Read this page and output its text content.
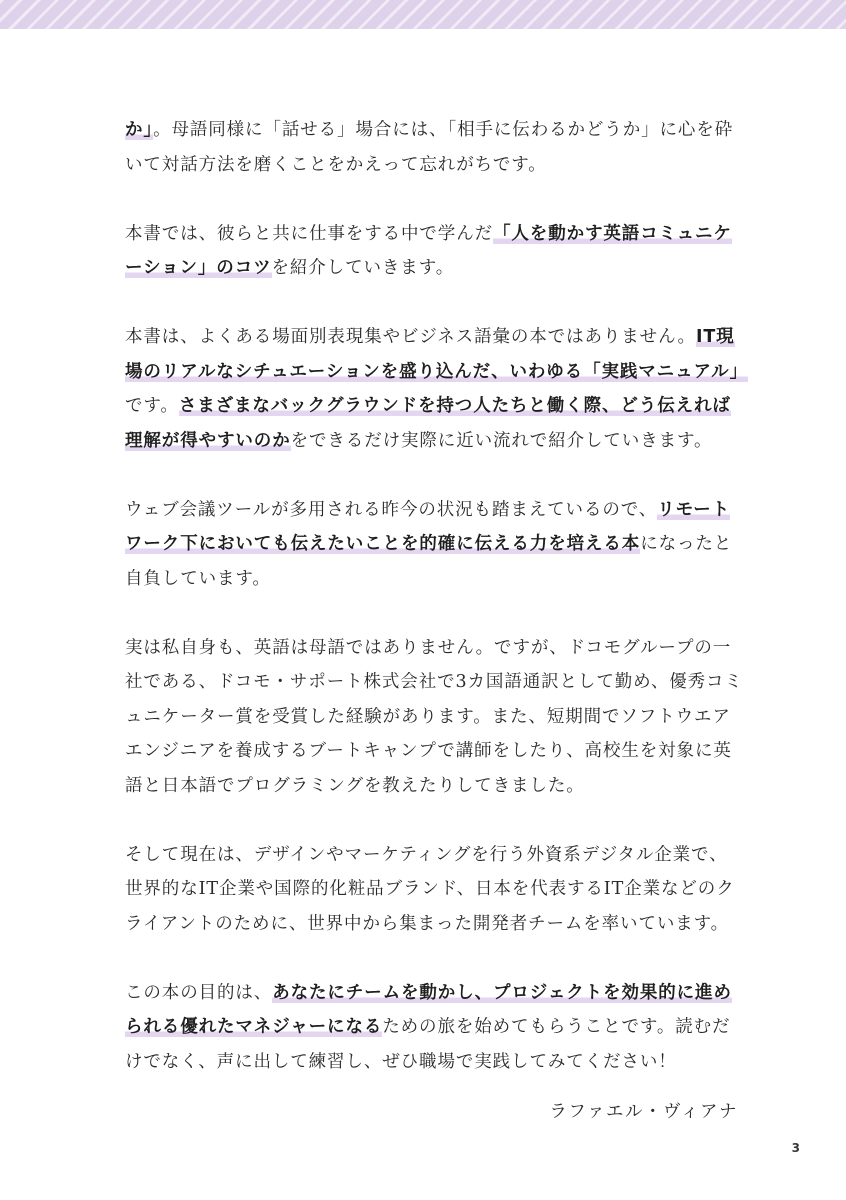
か」。母語同様に「話せる」場合には、「相手に伝わるかどうか」に心を砕いて対話方法を磨くことをかえって忘れがちです。

本書では、彼らと共に仕事をする中で学んだ「人を動かす英語コミュニケーション」のコツを紹介していきます。

本書は、よくある場面別表現集やビジネス語彙の本ではありません。IT現場のリアルなシチュエーションを盛り込んだ、いわゆる「実践マニュアル」です。さまざまなバックグラウンドを持つ人たちと働く際、どう伝えれば理解が得やすいのかをできるだけ実際に近い流れで紹介していきます。

ウェブ会議ツールが多用される昨今の状況も踏まえているので、リモートワーク下においても伝えたいことを的確に伝える力を培える本になったと自負しています。

実は私自身も、英語は母語ではありません。ですが、ドコモグループの一社である、ドコモ・サポート株式会社で3カ国語通訳として勤め、優秀コミュニケーター賞を受賞した経験があります。また、短期間でソフトウエアエンジニアを養成するブートキャンプで講師をしたり、高校生を対象に英語と日本語でプログラミングを教えたりしてきました。

そして現在は、デザインやマーケティングを行う外資系デジタル企業で、世界的なIT企業や国際的化粧品ブランド、日本を代表するIT企業などのクライアントのために、世界中から集まった開発者チームを率いています。

この本の目的は、あなたにチームを動かし、プロジェクトを効果的に進められる優れたマネジャーになるための旅を始めてもらうことです。読むだけでなく、声に出して練習し、ぜひ職場で実践してみてください！

ラファエル・ヴィアナ
3
